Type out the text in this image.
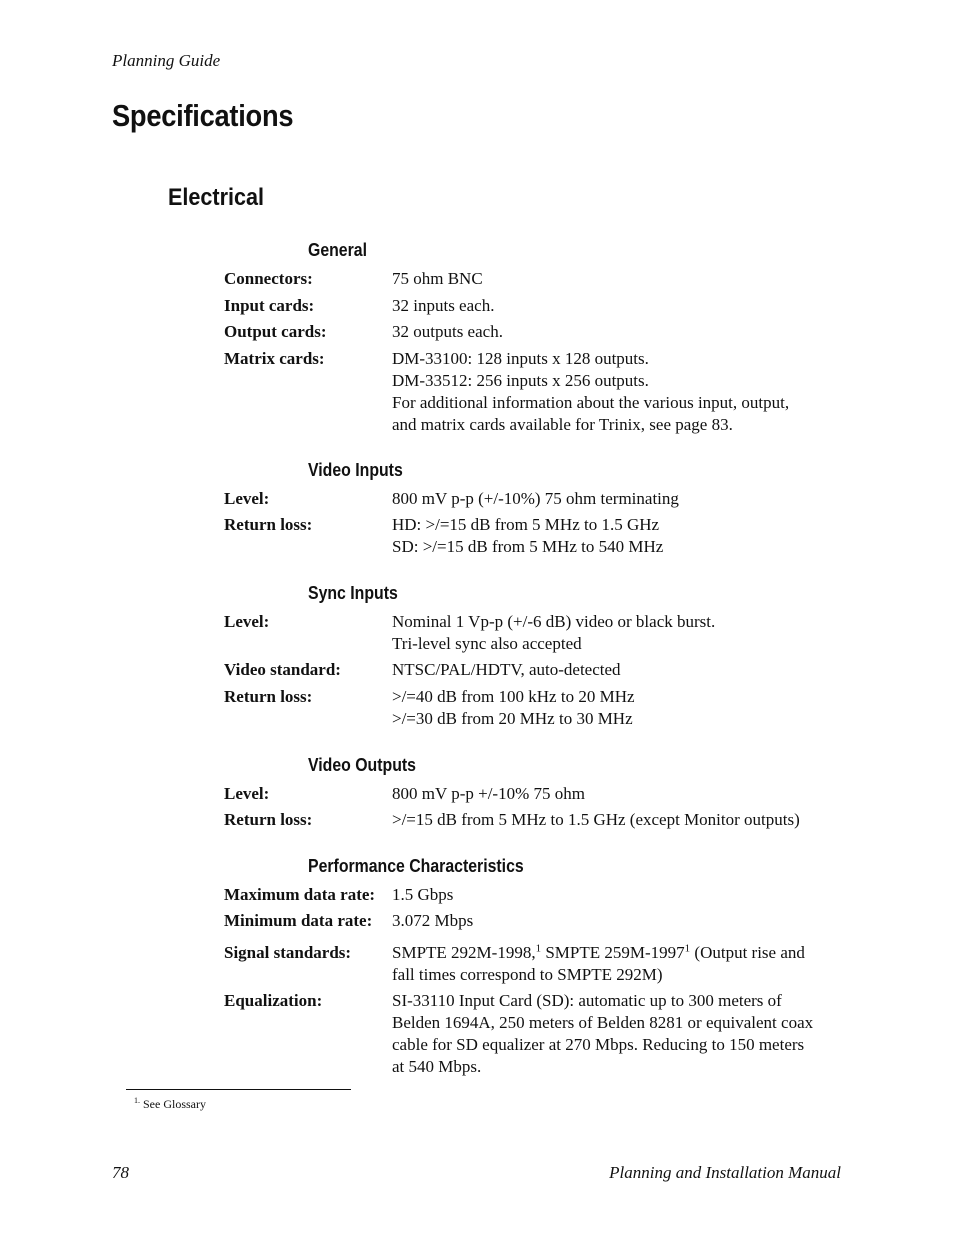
Planning Guide
Specifications
Electrical
General
Connectors:	75 ohm BNC
Input cards:	32 inputs each.
Output cards:	32 outputs each.
Matrix cards:	DM-33100: 128 inputs x 128 outputs.
DM-33512: 256 inputs x 256 outputs.
For additional information about the various input, output,
and matrix cards available for Trinix, see page 83.
Video Inputs
Level:	800 mV p-p (+/-10%) 75 ohm terminating
Return loss:	HD: >/=15 dB from 5 MHz to 1.5 GHz
SD: >/=15 dB from 5 MHz to 540 MHz
Sync Inputs
Level:	Nominal 1 Vp-p (+/-6 dB) video or black burst.
Tri-level sync also accepted
Video standard:	NTSC/PAL/HDTV, auto-detected
Return loss:	>/=40 dB from 100 kHz to 20 MHz
>/=30 dB from 20 MHz to 30 MHz
Video Outputs
Level:	800 mV p-p +/-10% 75 ohm
Return loss:	>/=15 dB from 5 MHz to 1.5 GHz (except Monitor outputs)
Performance Characteristics
Maximum data rate: 1.5 Gbps
Minimum data rate: 3.072 Mbps
Signal standards: SMPTE 292M-1998,$^1$ SMPTE 259M-1997$^1$ (Output rise and
fall times correspond to SMPTE 292M)
Equalization:	SI-33110 Input Card (SD): automatic up to 300 meters of
Belden 1694A, 250 meters of Belden 8281 or equivalent coax
cable for SD equalizer at 270 Mbps. Reducing to 150 meters
at 540 Mbps.
$^{1.}$ See Glossary
78	Planning and Installation Manual
